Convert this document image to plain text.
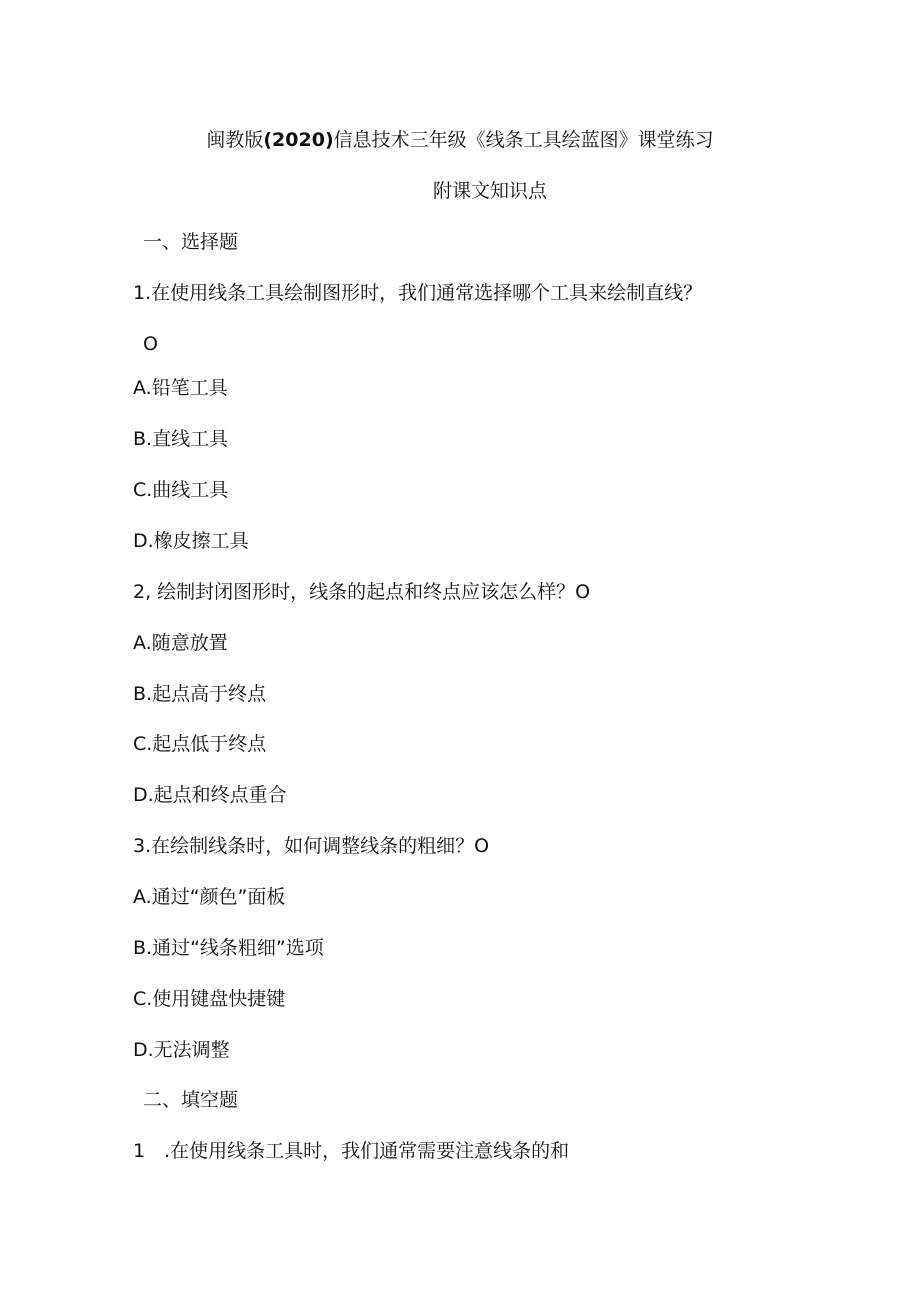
闽教版(2020)信息技术三年级《线条工具绘蓝图》课堂练习
附课文知识点
一、选择题
1.在使用线条工具绘制图形时，我们通常选择哪个工具来绘制直线？
O
A.铅笔工具
B.直线工具
C.曲线工具
D.橡皮擦工具
2, 绘制封闭图形时，线条的起点和终点应该怎么样？O
A.随意放置
B.起点高于终点
C.起点低于终点
D.起点和终点重合
3.在绘制线条时，如何调整线条的粗细？O
A.通过“颜色”面板
B.通过“线条粗细”选项
C.使用键盘快捷键
D.无法调整
二、填空题
1　.在使用线条工具时，我们通常需要注意线条的和
